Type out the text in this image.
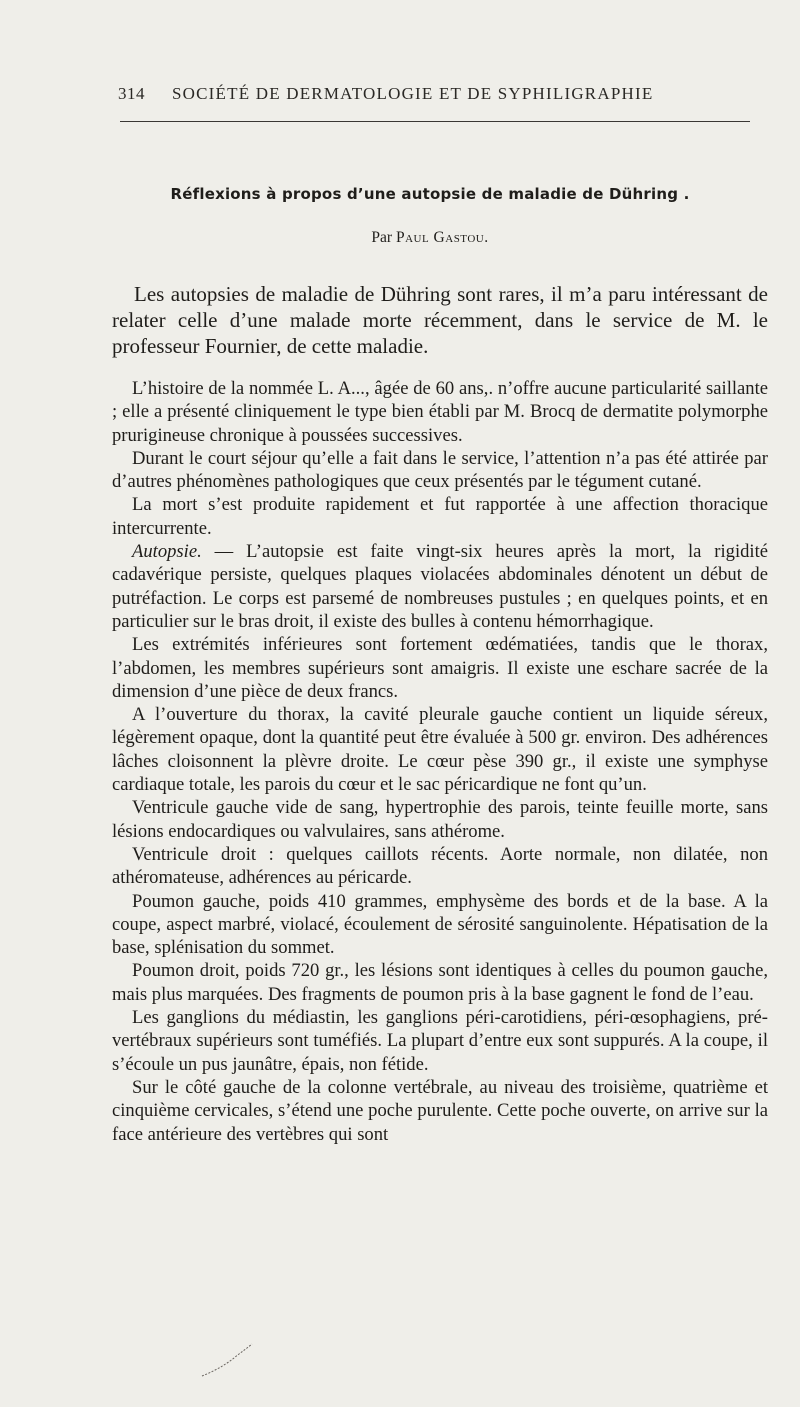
314 SOCIÉTÉ DE DERMATOLOGIE ET DE SYPHILIGRAPHIE
Réflexions à propos d’une autopsie de maladie de Dühring .
Par Paul Gastou.

Les autopsies de maladie de Dühring sont rares, il m’a paru intéressant de relater celle d’une malade morte récemment, dans le service de M. le professeur Fournier, de cette maladie.

L’histoire de la nommée L. A..., âgée de 60 ans,. n’offre aucune particularité saillante ; elle a présenté cliniquement le type bien établi par M. Brocq de dermatite polymorphe prurigineuse chronique à poussées successives.

Durant le court séjour qu’elle a fait dans le service, l’attention n’a pas été attirée par d’autres phénomènes pathologiques que ceux présentés par le tégument cutané.

La mort s’est produite rapidement et fut rapportée à une affection thoracique intercurrente.

Autopsie. — L’autopsie est faite vingt-six heures après la mort, la rigidité cadavérique persiste, quelques plaques violacées abdominales dénotent un début de putréfaction. Le corps est parsemé de nombreuses pustules ; en quelques points, et en particulier sur le bras droit, il existe des bulles à contenu hémorrhagique.

Les extrémités inférieures sont fortement œdématiées, tandis que le thorax, l’abdomen, les membres supérieurs sont amaigris. Il existe une eschare sacrée de la dimension d’une pièce de deux francs.

A l’ouverture du thorax, la cavité pleurale gauche contient un liquide séreux, légèrement opaque, dont la quantité peut être évaluée à 500 gr. environ. Des adhérences lâches cloisonnent la plèvre droite. Le cœur pèse 390 gr., il existe une symphyse cardiaque totale, les parois du cœur et le sac péricardique ne font qu’un.

Ventricule gauche vide de sang, hypertrophie des parois, teinte feuille morte, sans lésions endocardiques ou valvulaires, sans athérome.

Ventricule droit : quelques caillots récents. Aorte normale, non dilatée, non athéromateuse, adhérences au péricarde.

Poumon gauche, poids 410 grammes, emphysème des bords et de la base. A la coupe, aspect marbré, violacé, écoulement de sérosité sanguinolente. Hépatisation de la base, splénisation du sommet.

Poumon droit, poids 720 gr., les lésions sont identiques à celles du poumon gauche, mais plus marquées. Des fragments de poumon pris à la base gagnent le fond de l’eau.

Les ganglions du médiastin, les ganglions péri-carotidiens, péri-œsophagiens, pré-vertébraux supérieurs sont tuméfiés. La plupart d’entre eux sont suppurés. A la coupe, il s’écoule un pus jaunâtre, épais, non fétide.

Sur le côté gauche de la colonne vertébrale, au niveau des troisième, quatrième et cinquième cervicales, s’étend une poche purulente. Cette poche ouverte, on arrive sur la face antérieure des vertèbres qui sont
